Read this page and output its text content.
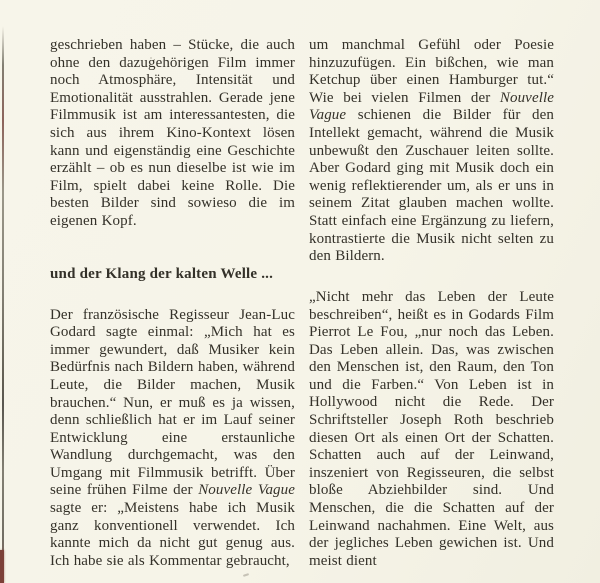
geschrieben haben – Stücke, die auch ohne den dazugehörigen Film immer noch Atmosphäre, Intensität und Emotionalität ausstrahlen. Gerade jene Filmmusik ist am interessantesten, die sich aus ihrem Kino-Kontext lösen kann und eigenständig eine Geschichte erzählt – ob es nun dieselbe ist wie im Film, spielt dabei keine Rolle. Die besten Bilder sind sowieso die im eigenen Kopf.

und der Klang der kalten Welle ...

Der französische Regisseur Jean-Luc Godard sagte einmal: „Mich hat es immer gewundert, daß Musiker kein Bedürfnis nach Bildern haben, während Leute, die Bilder machen, Musik brauchen.“ Nun, er muß es ja wissen, denn schließlich hat er im Lauf seiner Entwicklung eine erstaunliche Wandlung durchgemacht, was den Umgang mit Filmmusik betrifft. Über seine frühen Filme der Nouvelle Vague sagte er: „Meistens habe ich Musik ganz konventionell verwendet. Ich kannte mich da nicht gut genug aus. Ich habe sie als Kommentar gebraucht,

um manchmal Gefühl oder Poesie hinzuzufügen. Ein bißchen, wie man Ketchup über einen Hamburger tut.“ Wie bei vielen Filmen der Nouvelle Vague schienen die Bilder für den Intellekt gemacht, während die Musik unbewußt den Zuschauer leiten sollte. Aber Godard ging mit Musik doch ein wenig reflektierender um, als er uns in seinem Zitat glauben machen wollte. Statt einfach eine Ergänzung zu liefern, kontrastierte die Musik nicht selten zu den Bildern.

„Nicht mehr das Leben der Leute beschreiben“, heißt es in Godards Film Pierrot Le Fou, „nur noch das Leben. Das Leben allein. Das, was zwischen den Menschen ist, den Raum, den Ton und die Farben.“ Von Leben ist in Hollywood nicht die Rede. Der Schriftsteller Joseph Roth beschrieb diesen Ort als einen Ort der Schatten. Schatten auch auf der Leinwand, inszeniert von Regisseuren, die selbst bloße Abziehbilder sind. Und Menschen, die die Schatten auf der Leinwand nachahmen. Eine Welt, aus der jegliches Leben gewichen ist. Und meist dient
